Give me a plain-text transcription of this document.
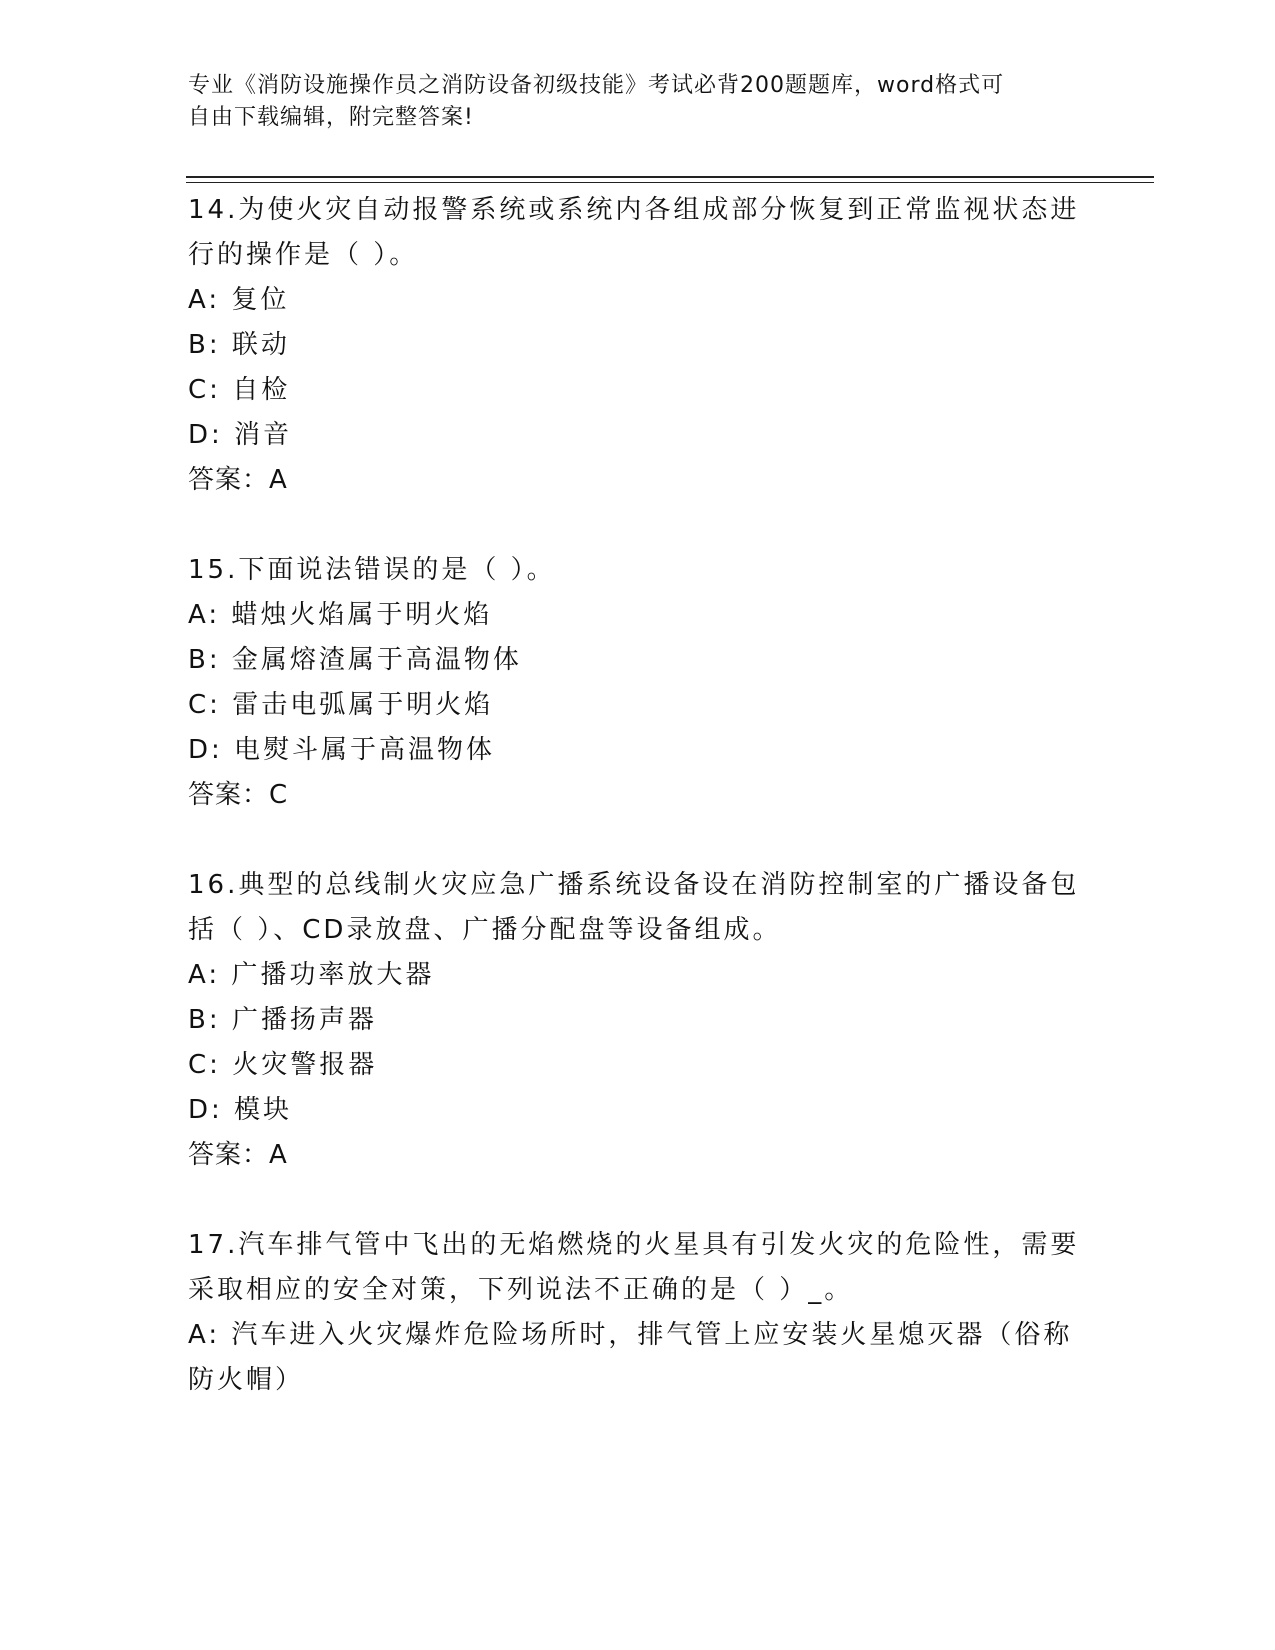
专业《消防设施操作员之消防设备初级技能》考试必背200题题库，word格式可
自由下载编辑，附完整答案!
14.为使火灾自动报警系统或系统内各组成部分恢复到正常监视状态进
行的操作是（ ）。
A: 复位
B: 联动
C: 自检
D: 消音
答案：A
15.下面说法错误的是（ ）。
A: 蜡烛火焰属于明火焰
B: 金属熔渣属于高温物体
C: 雷击电弧属于明火焰
D: 电熨斗属于高温物体
答案：C
16.典型的总线制火灾应急广播系统设备设在消防控制室的广播设备包
括（ ）、CD录放盘、广播分配盘等设备组成。
A: 广播功率放大器
B: 广播扬声器
C: 火灾警报器
D: 模块
答案：A
17.汽车排气管中飞出的无焰燃烧的火星具有引发火灾的危险性，需要
采取相应的安全对策，下列说法不正确的是（ ）_。
A: 汽车进入火灾爆炸危险场所时，排气管上应安装火星熄灭器（俗称
防火帽）
